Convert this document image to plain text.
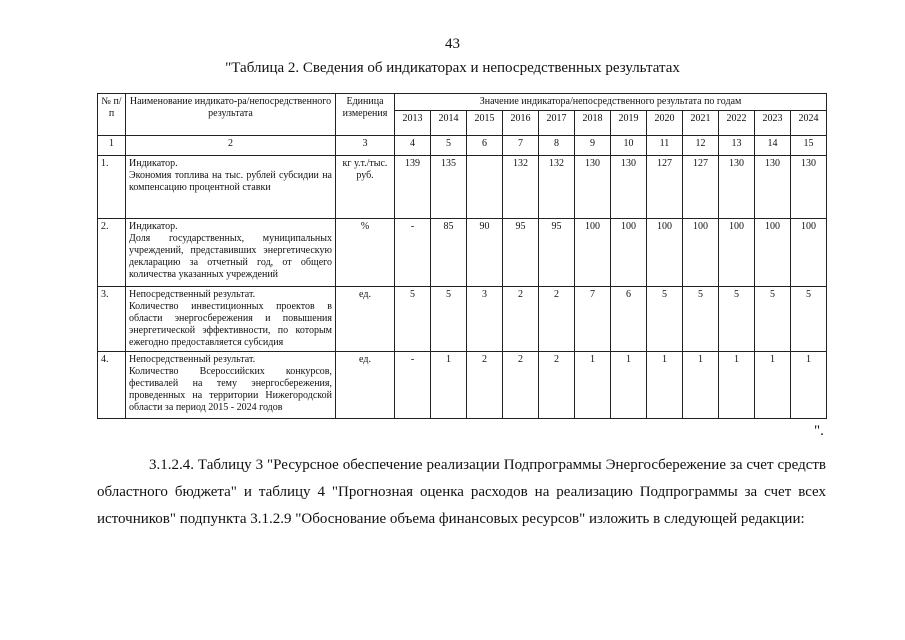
43
"Таблица 2. Сведения об индикаторах и непосредственных результатах
№ п/п	Наименование индикато-ра/непосредственного результата	Единица измерения	Значение индикатора/непосредственного результата по годам											
			2013	2014	2015	2016	2017	2018	2019	2020	2021	2022	2023	2024
1	2	3	4	5	6	7	8	9	10	11	12	13	14	15
1.	Индикатор.
Экономия топлива на тыс. рублей субсидии на компенсацию процентной ставки	кг у.т./тыс. руб.	139	135		132	132	130	130	127	127	130	130	130
2.	Индикатор.
Доля государственных, муниципальных учреждений, представивших энергетическую декларацию за отчетный год, от общего количества указанных учреждений	%	-	85	90	95	95	100	100	100	100	100	100	100
3.	Непосредственный результат.
Количество инвестиционных проектов в области энергосбережения и повышения энергетической эффективности, по которым ежегодно предоставляется субсидия	ед.	5	5	3	2	2	7	6	5	5	5	5	5
4.	Непосредственный результат.
Количество Всероссийских конкурсов, фестивалей на тему энергосбережения, проведенных на территории Нижегородской области за период 2015 - 2024 годов	ед.	-	1	2	2	2	1	1	1	1	1	1	1
".

3.1.2.4. Таблицу 3 "Ресурсное обеспечение реализации Подпрограммы Энергосбережение за счет средств областного бюджета" и таблицу 4 "Прогнозная оценка расходов на реализацию Подпрограммы за счет всех источников" подпункта 3.1.2.9 "Обоснование объема финансовых ресурсов" изложить в следующей редакции:
